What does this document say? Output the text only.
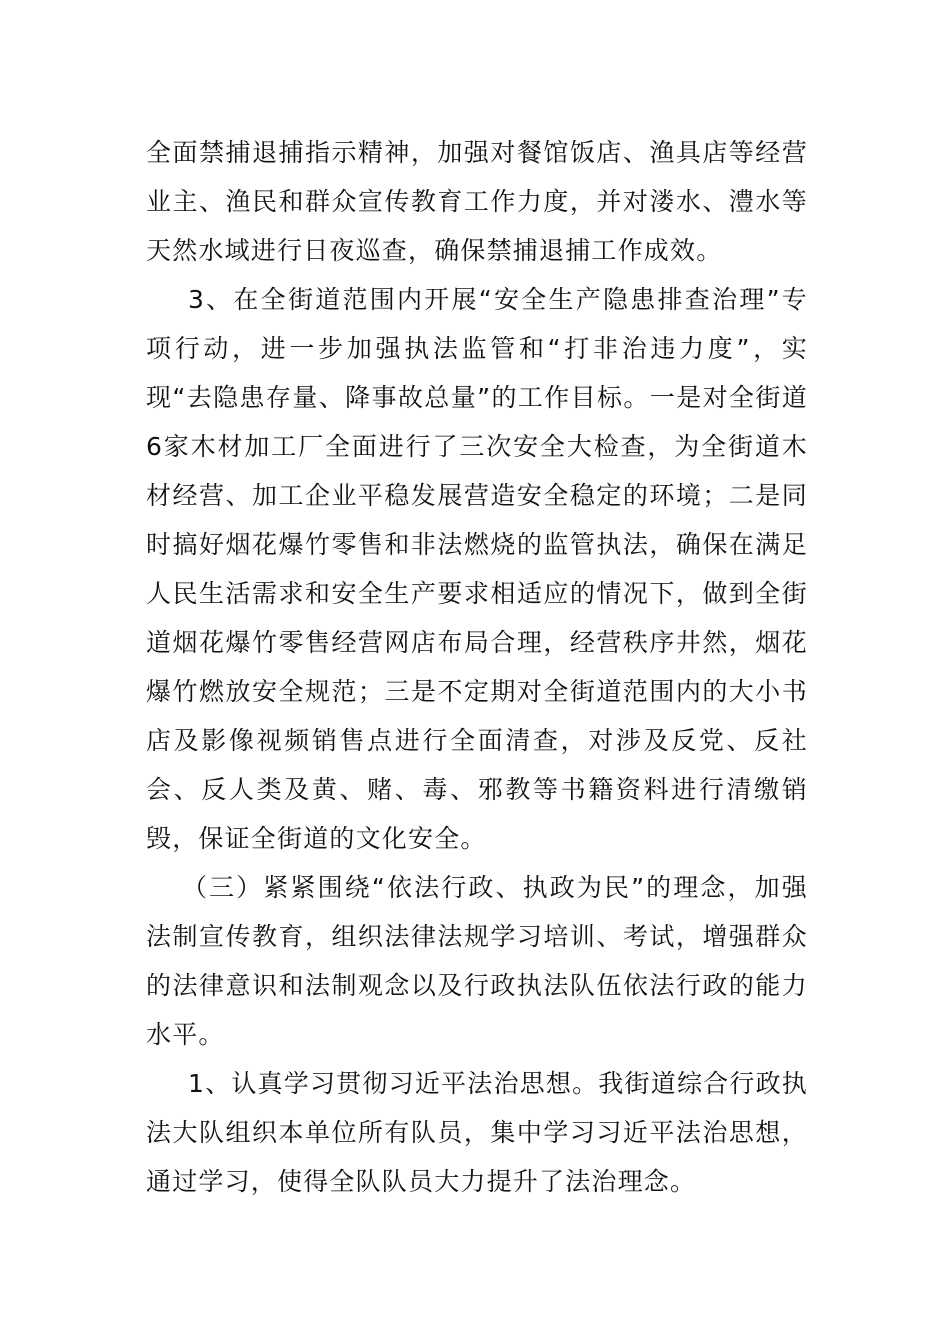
全面禁捕退捕指示精神，加强对餐馆饭店、渔具店等经营业主、渔民和群众宣传教育工作力度，并对溇水、澧水等天然水域进行日夜巡查，确保禁捕退捕工作成效。

3、在全街道范围内开展“安全生产隐患排查治理”专项行动，进一步加强执法监管和“打非治违力度”，实现“去隐患存量、降事故总量”的工作目标。一是对全街道6家木材加工厂全面进行了三次安全大检查，为全街道木材经营、加工企业平稳发展营造安全稳定的环境；二是同时搞好烟花爆竹零售和非法燃烧的监管执法，确保在满足人民生活需求和安全生产要求相适应的情况下，做到全街道烟花爆竹零售经营网店布局合理，经营秩序井然，烟花爆竹燃放安全规范；三是不定期对全街道范围内的大小书店及影像视频销售点进行全面清查，对涉及反党、反社会、反人类及黄、赌、毒、邪教等书籍资料进行清缴销毁，保证全街道的文化安全。

（三）紧紧围绕“依法行政、执政为民”的理念，加强法制宣传教育，组织法律法规学习培训、考试，增强群众的法律意识和法制观念以及行政执法队伍依法行政的能力水平。

1、认真学习贯彻习近平法治思想。我街道综合行政执法大队组织本单位所有队员，集中学习习近平法治思想，通过学习，使得全队队员大力提升了法治理念。
